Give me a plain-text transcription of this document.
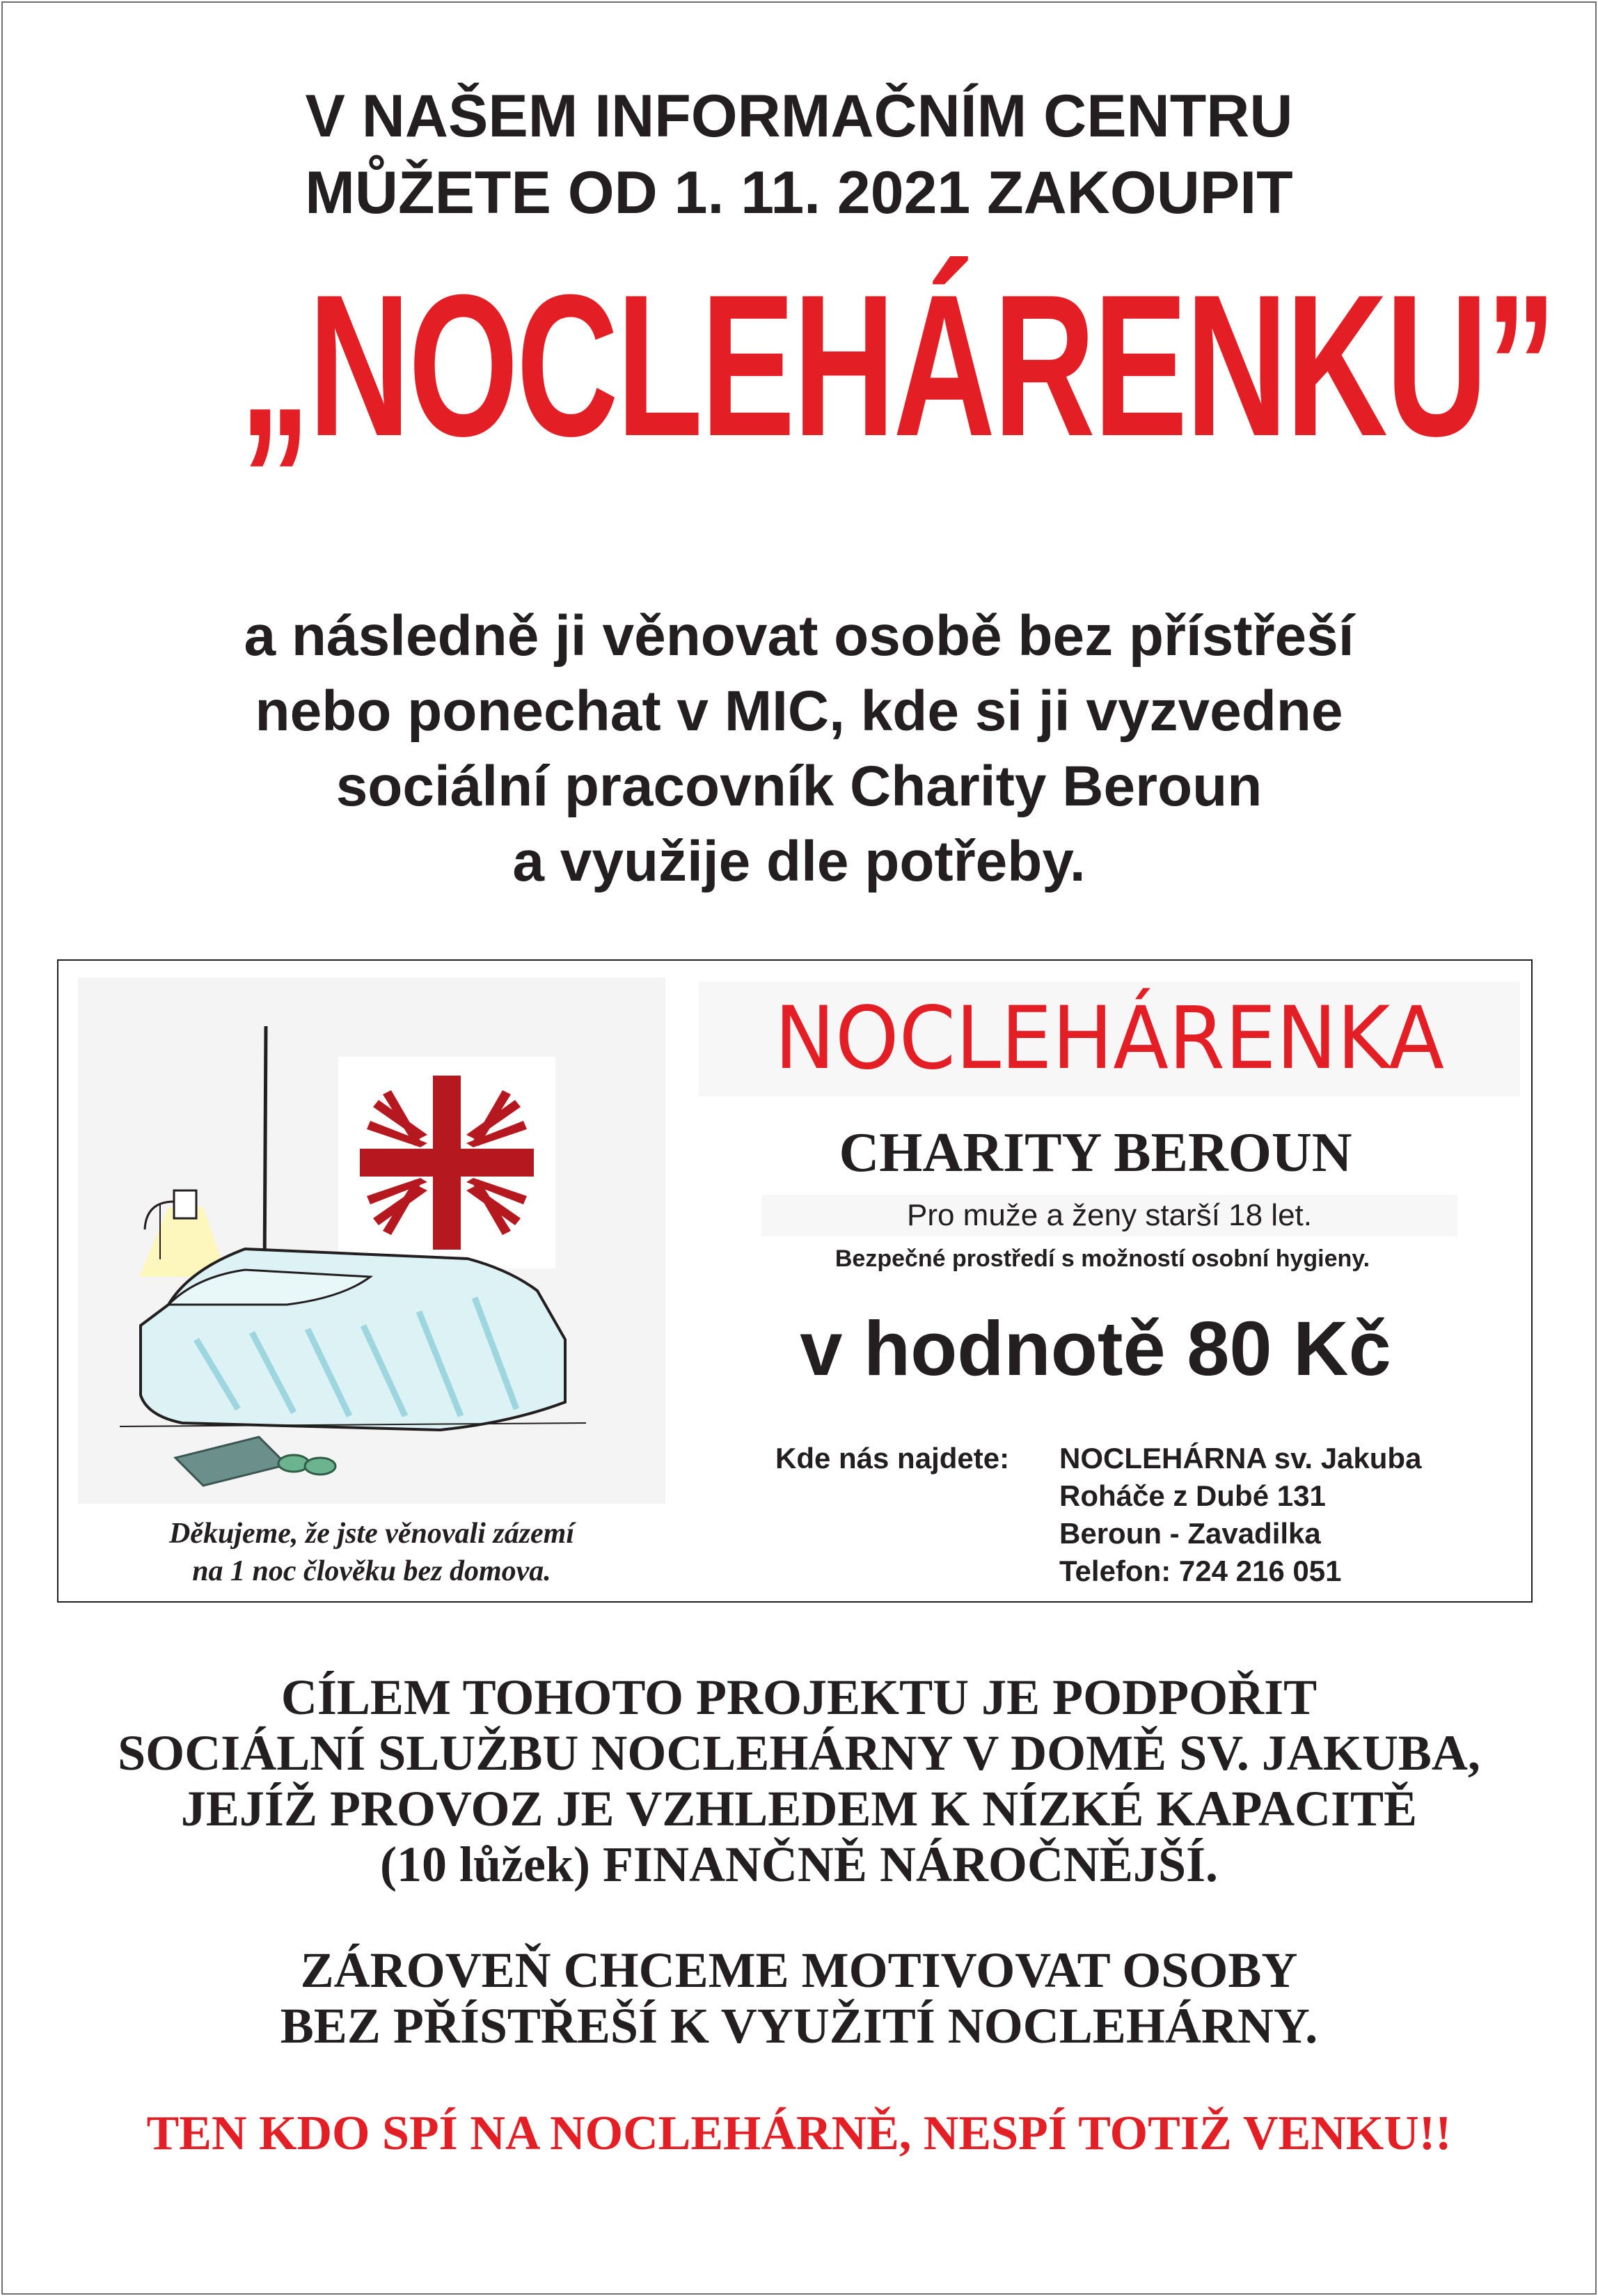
V NAŠEM INFORMAČNÍM CENTRU
MŮŽETE OD 1. 11. 2021 ZAKOUPIT
„NOCLEHÁRENKU”
a následně ji věnovat osobě bez přístřeší
nebo ponechat v MIC, kde si ji vyzvedne
sociální pracovník Charity Beroun
a využije dle potřeby.
Děkujeme, že jste věnovali zázemí
na 1 noc člověku bez domova.
NOCLEHÁRENKA
CHARITY BEROUN
Pro muže a ženy starší 18 let.
Bezpečné prostředí s možností osobní hygieny.
v hodnotě 80 Kč
Kde nás najdete: NOCLEHÁRNA sv. Jakuba
Roháče z Dubé 131
Beroun - Zavadilka
Telefon: 724 216 051
CÍLEM TOHOTO PROJEKTU JE PODPOŘIT
SOCIÁLNÍ SLUŽBU NOCLEHÁRNY V DOMĚ SV. JAKUBA,
JEJÍŽ PROVOZ JE VZHLEDEM K NÍZKÉ KAPACITĚ
(10 lůžek) FINANČNĚ NÁROČNĚJŠÍ.
ZÁROVEŇ CHCEME MOTIVOVAT OSOBY
BEZ PŘÍSTŘEŠÍ K VYUŽITÍ NOCLEHÁRNY.
TEN KDO SPÍ NA NOCLEHÁRNĚ, NESPÍ TOTIŽ VENKU!!
